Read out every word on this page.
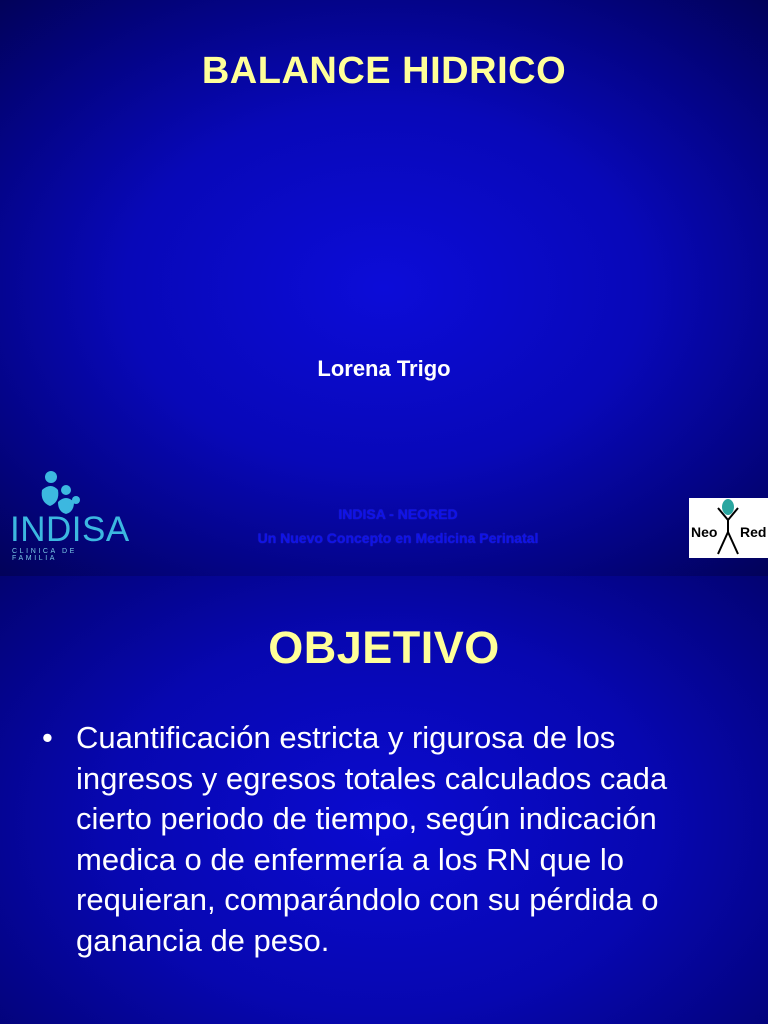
BALANCE HIDRICO
Lorena Trigo
INDISA
CLINICA DE FAMILIA
INDISA - NEORED
Un Nuevo Concepto en Medicina Perinatal	Neo Red
OBJETIVO
• Cuantificación estricta y rigurosa de los ingresos y egresos totales calculados cada cierto periodo de tiempo, según indicación medica o de enfermería a los RN que lo requieran, comparándolo con su pérdida o ganancia de peso.
